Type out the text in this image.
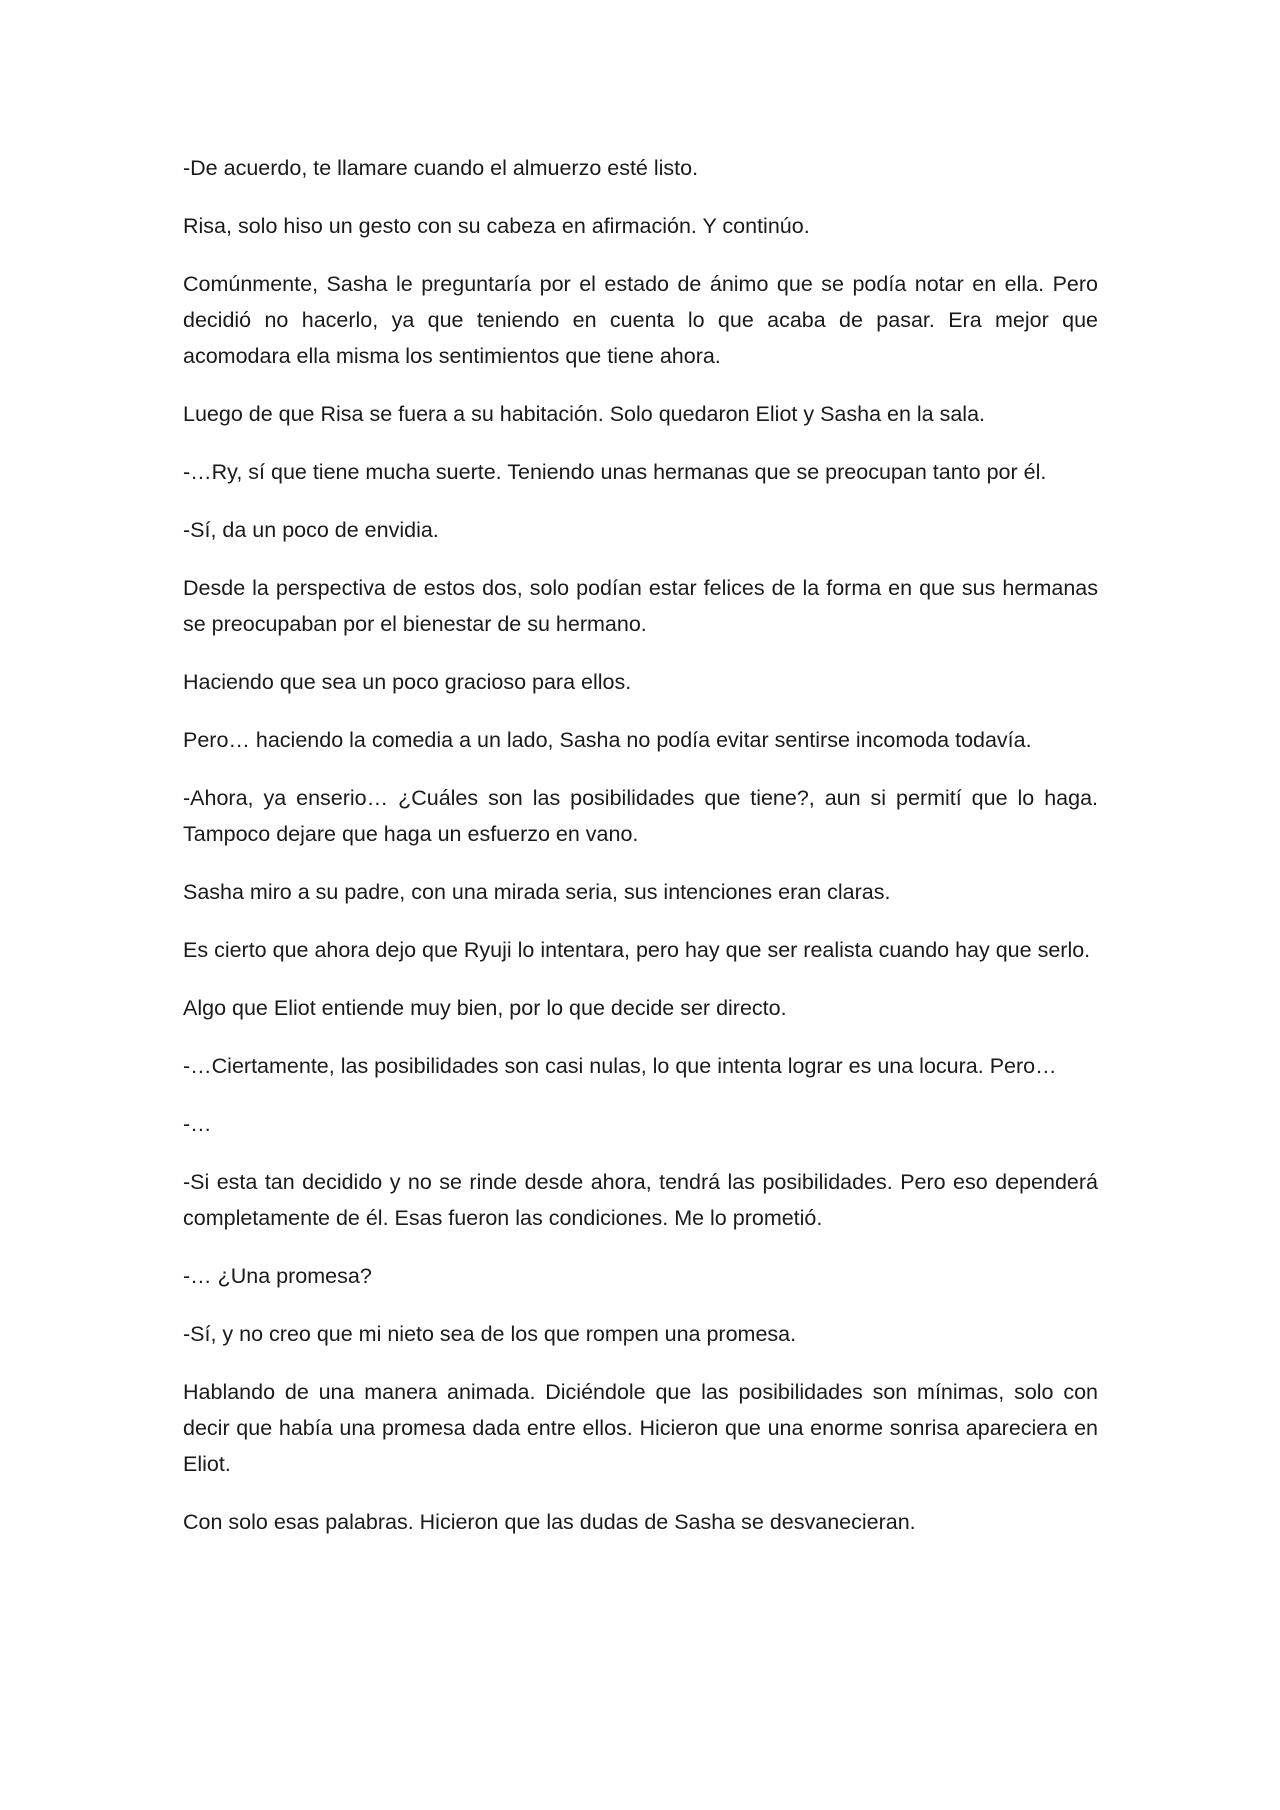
-De acuerdo, te llamare cuando el almuerzo esté listo.

Risa, solo hiso un gesto con su cabeza en afirmación. Y continúo.

Comúnmente, Sasha le preguntaría por el estado de ánimo que se podía notar en ella. Pero decidió no hacerlo, ya que teniendo en cuenta lo que acaba de pasar. Era mejor que acomodara ella misma los sentimientos que tiene ahora.

Luego de que Risa se fuera a su habitación. Solo quedaron Eliot y Sasha en la sala.

-…Ry, sí que tiene mucha suerte. Teniendo unas hermanas que se preocupan tanto por él.

-Sí, da un poco de envidia.

Desde la perspectiva de estos dos, solo podían estar felices de la forma en que sus hermanas se preocupaban por el bienestar de su hermano.

Haciendo que sea un poco gracioso para ellos.

Pero… haciendo la comedia a un lado, Sasha no podía evitar sentirse incomoda todavía.

-Ahora, ya enserio… ¿Cuáles son las posibilidades que tiene?, aun si permití que lo haga. Tampoco dejare que haga un esfuerzo en vano.

Sasha miro a su padre, con una mirada seria, sus intenciones eran claras.

Es cierto que ahora dejo que Ryuji lo intentara, pero hay que ser realista cuando hay que serlo.

Algo que Eliot entiende muy bien, por lo que decide ser directo.

-…Ciertamente, las posibilidades son casi nulas, lo que intenta lograr es una locura. Pero…

-…

-Si esta tan decidido y no se rinde desde ahora, tendrá las posibilidades. Pero eso dependerá completamente de él. Esas fueron las condiciones. Me lo prometió.

-… ¿Una promesa?

-Sí, y no creo que mi nieto sea de los que rompen una promesa.

Hablando de una manera animada. Diciéndole que las posibilidades son mínimas, solo con decir que había una promesa dada entre ellos. Hicieron que una enorme sonrisa apareciera en Eliot.

Con solo esas palabras. Hicieron que las dudas de Sasha se desvanecieran.
